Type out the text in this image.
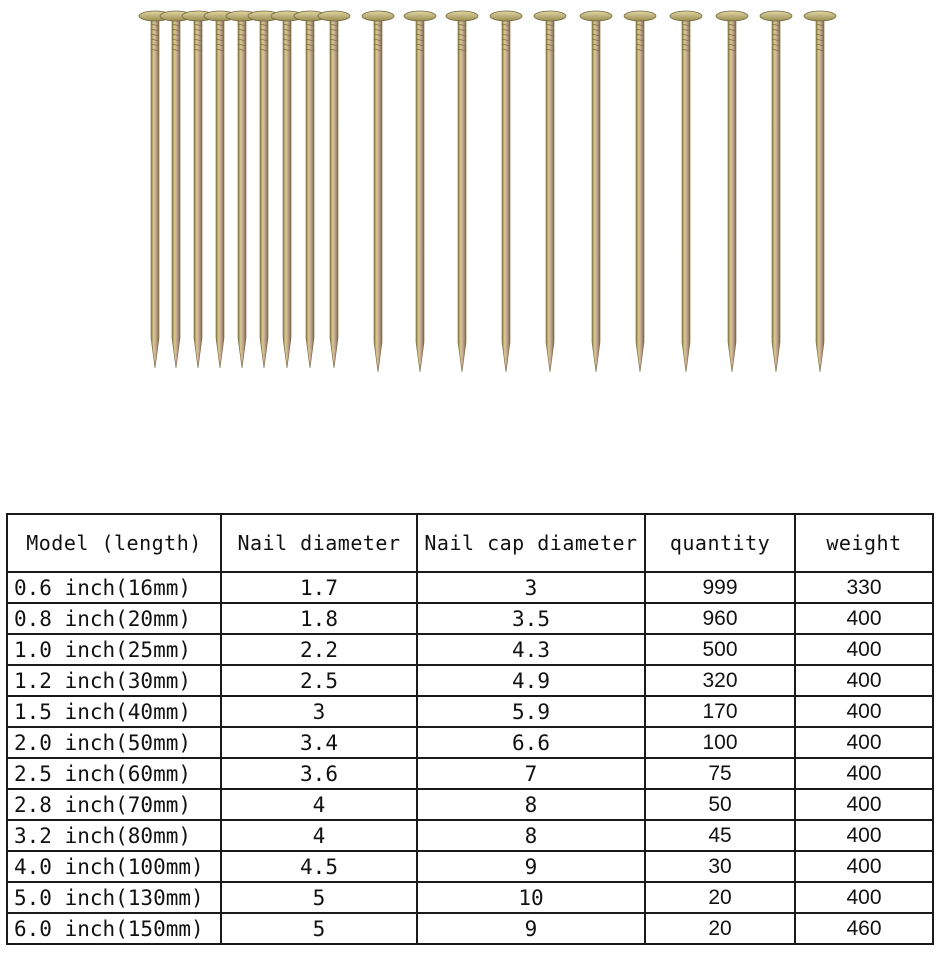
Model (length)	Nail diameter	Nail cap diameter	quantity	weight
0.6 inch(16mm)	1.7	3	999	330
0.8 inch(20mm)	1.8	3.5	960	400
1.0 inch(25mm)	2.2	4.3	500	400
1.2 inch(30mm)	2.5	4.9	320	400
1.5 inch(40mm)	3	5.9	170	400
2.0 inch(50mm)	3.4	6.6	100	400
2.5 inch(60mm)	3.6	7	75	400
2.8 inch(70mm)	4	8	50	400
3.2 inch(80mm)	4	8	45	400
4.0 inch(100mm)	4.5	9	30	400
5.0 inch(130mm)	5	10	20	400
6.0 inch(150mm)	5	9	20	460
